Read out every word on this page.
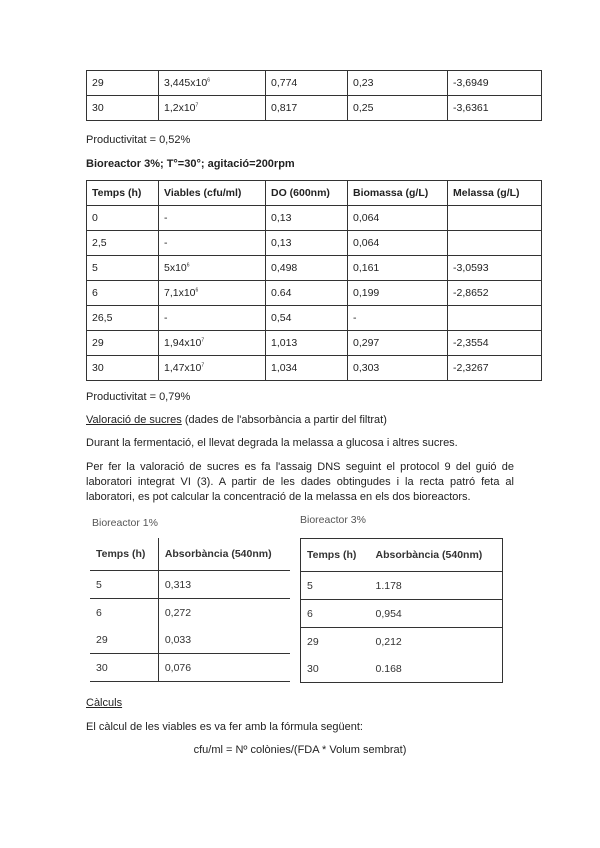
29	$3,445x10^6$	0,774	0,23	-3,6949
30	$1,2x10^7$	0,817	0,25	-3,6361

Productivitat = 0,52%

Bioreactor 3%; T°=30°; agitació=200rpm

Temps (h)	Viables (cfu/ml)	DO (600nm)	Biomassa (g/L)	Melassa (g/L)
0	-	0,13	0,064	
2,5	-	0,13	0,064	
5	$5x10^6$	0,498	0,161	-3,0593
6	$7,1x10^6$	0.64	0,199	-2,8652
26,5	-	0,54	-	
29	$1,94x10^7$	1,013	0,297	-2,3554
30	$1,47x10^7$	1,034	0,303	-2,3267

Productivitat = 0,79%

Valoració de sucres (dades de l'absorbància a partir del filtrat)

Durant la fermentació, el llevat degrada la melassa a glucosa i altres sucres.

Per fer la valoració de sucres es fa l'assaig DNS seguint el protocol 9 del guió de laboratori integrat VI (3). A partir de les dades obtingudes i la recta patró feta al laboratori, es pot calcular la concentració de la melassa en els dos bioreactors.

Bioreactor 1%
Temps (h)	Absorbància (540nm)
5	0,313
6	0,272
29	0,033
30	0,076
Bioreactor 3%
Temps (h)	Absorbància (540nm)
5	1.178
6	0,954
29	0,212
30	0.168

Càlculs

El càlcul de les viables es va fer amb la fórmula següent:

cfu/ml = Nº colònies/(FDA * Volum sembrat)
